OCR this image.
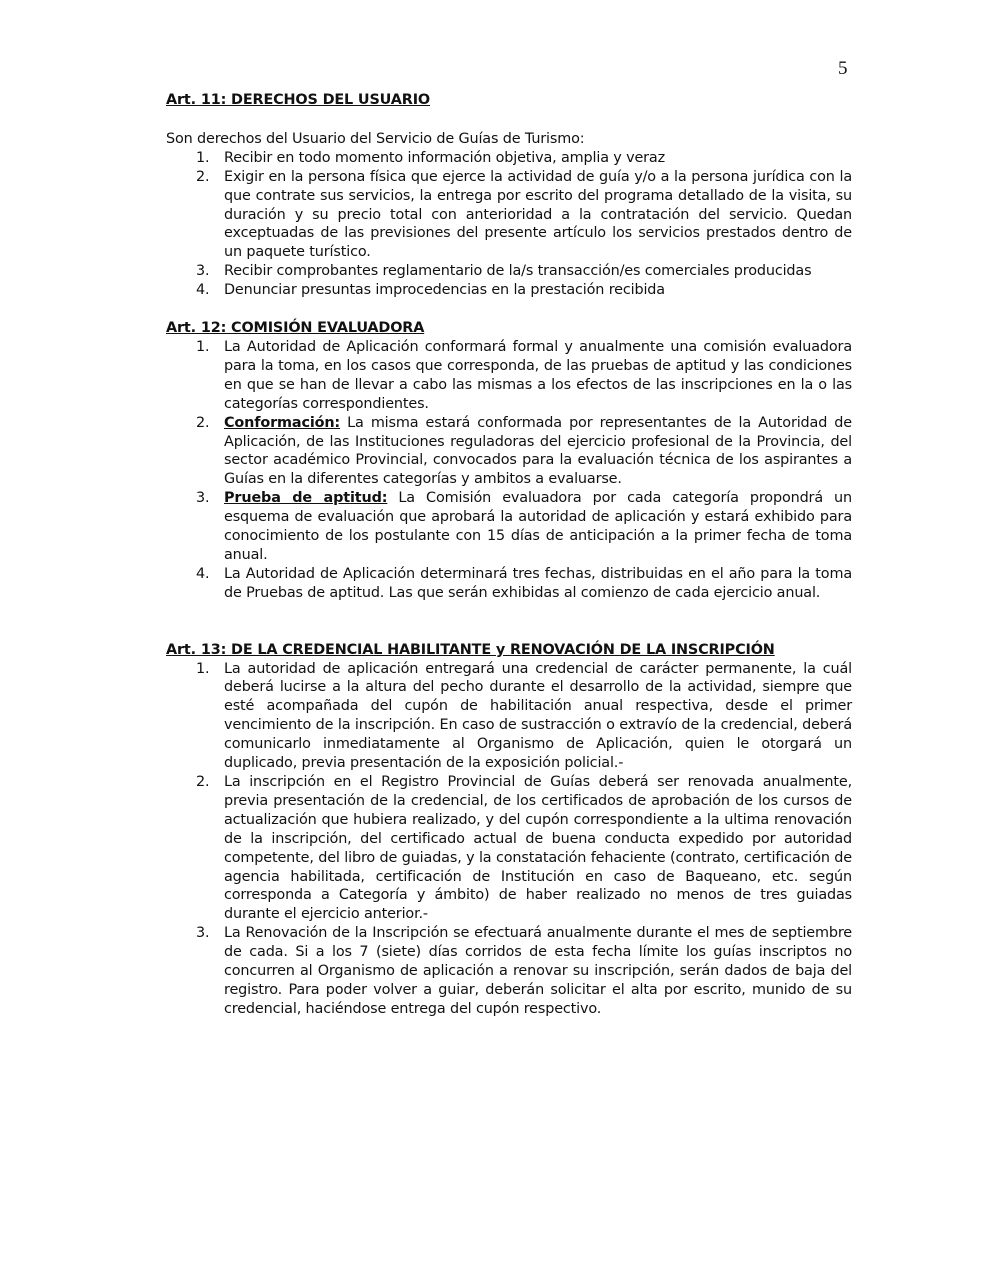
5
Art. 11: DERECHOS DEL USUARIO

Son derechos del Usuario del Servicio de Guías de Turismo:

1. Recibir en todo momento información objetiva, amplia y veraz
2. Exigir en la persona física que ejerce la actividad de guía y/o a la persona jurídica con la que contrate sus servicios, la entrega por escrito del programa detallado de la visita, su duración y su precio total con anterioridad a la contratación del servicio. Quedan exceptuadas de las previsiones del presente artículo los servicios prestados dentro de un paquete turístico.
3. Recibir comprobantes reglamentario de la/s transacción/es comerciales producidas
4. Denunciar presuntas improcedencias en la prestación recibida
Art. 12: COMISIÓN EVALUADORA
1. La Autoridad de Aplicación conformará formal y anualmente una comisión evaluadora para la toma, en los casos que corresponda, de las pruebas de aptitud y las condiciones en que se han de llevar a cabo las mismas a los efectos de las inscripciones en la o las categorías correspondientes.
2. Conformación: La misma estará conformada por representantes de la Autoridad de Aplicación, de las Instituciones reguladoras del ejercicio profesional de la Provincia, del sector académico Provincial, convocados para la evaluación técnica de los aspirantes a Guías en la diferentes categorías y ambitos a evaluarse.
3. Prueba de aptitud: La Comisión evaluadora por cada categoría propondrá un esquema de evaluación que aprobará la autoridad de aplicación y estará exhibido para conocimiento de los postulante con 15 días de anticipación a la primer fecha de toma anual.
4. La Autoridad de Aplicación determinará tres fechas, distribuidas en el año para la toma de Pruebas de aptitud. Las que serán exhibidas al comienzo de cada ejercicio anual.
Art. 13: DE LA CREDENCIAL HABILITANTE y RENOVACIÓN DE LA INSCRIPCIÓN
1. La autoridad de aplicación entregará una credencial de carácter permanente, la cuál deberá lucirse a la altura del pecho durante el desarrollo de la actividad, siempre que esté acompañada del cupón de habilitación anual respectiva, desde el primer vencimiento de la inscripción. En caso de sustracción o extravío de la credencial, deberá comunicarlo inmediatamente al Organismo de Aplicación, quien le otorgará un duplicado, previa presentación de la exposición policial.-
2. La inscripción en el Registro Provincial de Guías deberá ser renovada anualmente, previa presentación de la credencial, de los certificados de aprobación de los cursos de actualización que hubiera realizado, y del cupón correspondiente a la ultima renovación de la inscripción, del certificado actual de buena conducta expedido por autoridad competente, del libro de guiadas, y la constatación fehaciente (contrato, certificación de agencia habilitada, certificación de Institución en caso de Baqueano, etc. según corresponda a Categoría y ámbito) de haber realizado no menos de tres guiadas durante el ejercicio anterior.-
3. La Renovación de la Inscripción se efectuará anualmente durante el mes de septiembre de cada. Si a los 7 (siete) días corridos de esta fecha límite los guías inscriptos no concurren al Organismo de aplicación a renovar su inscripción, serán dados de baja del registro. Para poder volver a guiar, deberán solicitar el alta por escrito, munido de su credencial, haciéndose entrega del cupón respectivo.
